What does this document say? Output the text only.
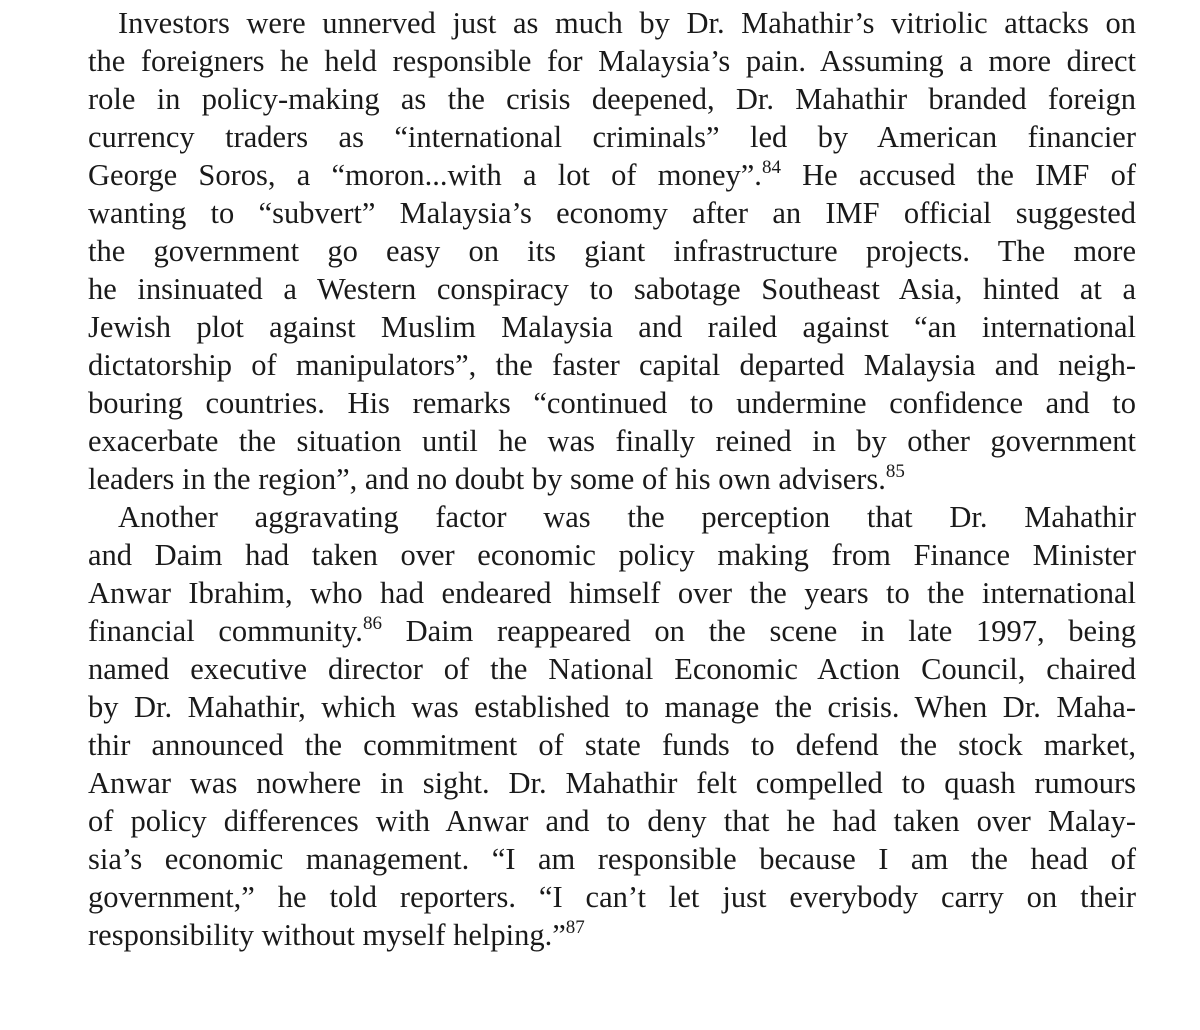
Investors were unnerved just as much by Dr. Mahathir’s vitriolic attacks on
the foreigners he held responsible for Malaysia’s pain. Assuming a more direct
role in policy-making as the crisis deepened, Dr. Mahathir branded foreign
currency traders as “international criminals” led by American financier
George Soros, a “moron...with a lot of money”.$^{84}$ He accused the IMF of
wanting to “subvert” Malaysia’s economy after an IMF official suggested
the government go easy on its giant infrastructure projects. The more
he insinuated a Western conspiracy to sabotage Southeast Asia, hinted at a
Jewish plot against Muslim Malaysia and railed against “an international
dictatorship of manipulators”, the faster capital departed Malaysia and neigh-
bouring countries. His remarks “continued to undermine confidence and to
exacerbate the situation until he was finally reined in by other government
leaders in the region”, and no doubt by some of his own advisers.$^{85}$
Another aggravating factor was the perception that Dr. Mahathir
and Daim had taken over economic policy making from Finance Minister
Anwar Ibrahim, who had endeared himself over the years to the international
financial community.$^{86}$ Daim reappeared on the scene in late 1997, being
named executive director of the National Economic Action Council, chaired
by Dr. Mahathir, which was established to manage the crisis. When Dr. Maha-
thir announced the commitment of state funds to defend the stock market,
Anwar was nowhere in sight. Dr. Mahathir felt compelled to quash rumours
of policy differences with Anwar and to deny that he had taken over Malay-
sia’s economic management. “I am responsible because I am the head of
government,” he told reporters. “I can’t let just everybody carry on their
responsibility without myself helping.”$^{87}$
